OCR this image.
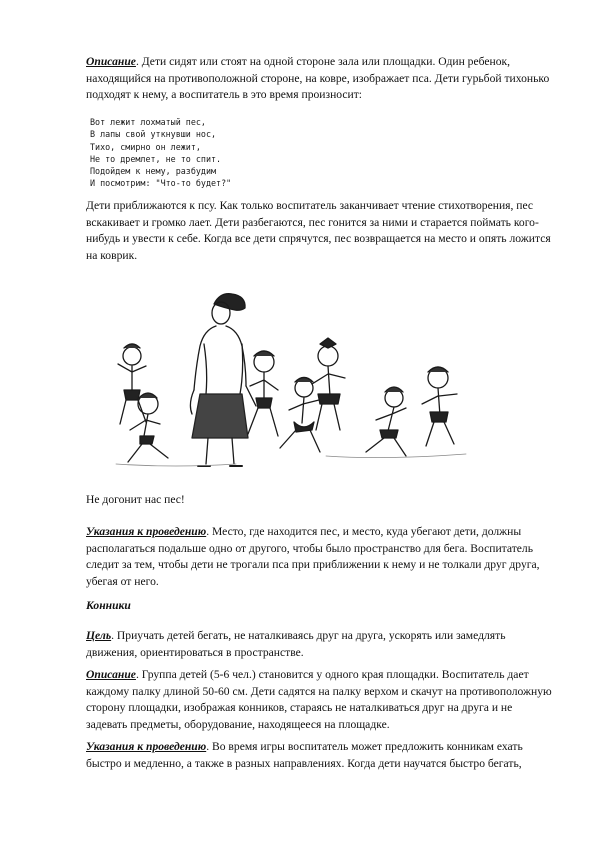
Описание. Дети сидят или стоят на одной стороне зала или площадки. Один ребенок, находящийся на противоположной стороне, на ковре, изображает пса. Дети гурьбой тихонько подходят к нему, а воспитатель в это время произносит:

Вот лежит лохматый пес,
В лапы свой уткнувши нос,
Тихо, смирно он лежит,
Не то дремлет, не то спит.
Подойдем к нему, разбудим
И посмотрим: "Что-то будет?"

Дети приближаются к псу. Как только воспитатель заканчивает чтение стихотворения, пес вскакивает и громко лает. Дети разбегаются, пес гонится за ними и старается поймать кого-нибудь и увести к себе. Когда все дети спрячутся, пес возвращается на место и опять ложится на коврик.

Не догонит нас пес!

Указания к проведению. Место, где находится пес, и место, куда убегают дети, должны располагаться подальше одно от другого, чтобы было пространство для бега. Воспитатель следит за тем, чтобы дети не трогали пса при приближении к нему и не толкали друг друга, убегая от него.

Конники

Цель. Приучать детей бегать, не наталкиваясь друг на друга, ускорять или замедлять движения, ориентироваться в пространстве.

Описание. Группа детей (5-6 чел.) становится у одного края площадки. Воспитатель дает каждому палку длиной 50-60 см. Дети садятся на палку верхом и скачут на противоположную сторону площадки, изображая конников, стараясь не наталкиваться друг на друга и не задевать предметы, оборудование, находящееся на площадке.

Указания к проведению. Во время игры воспитатель может предложить конникам ехать быстро и медленно, а также в разных направлениях. Когда дети научатся быстро бегать,
